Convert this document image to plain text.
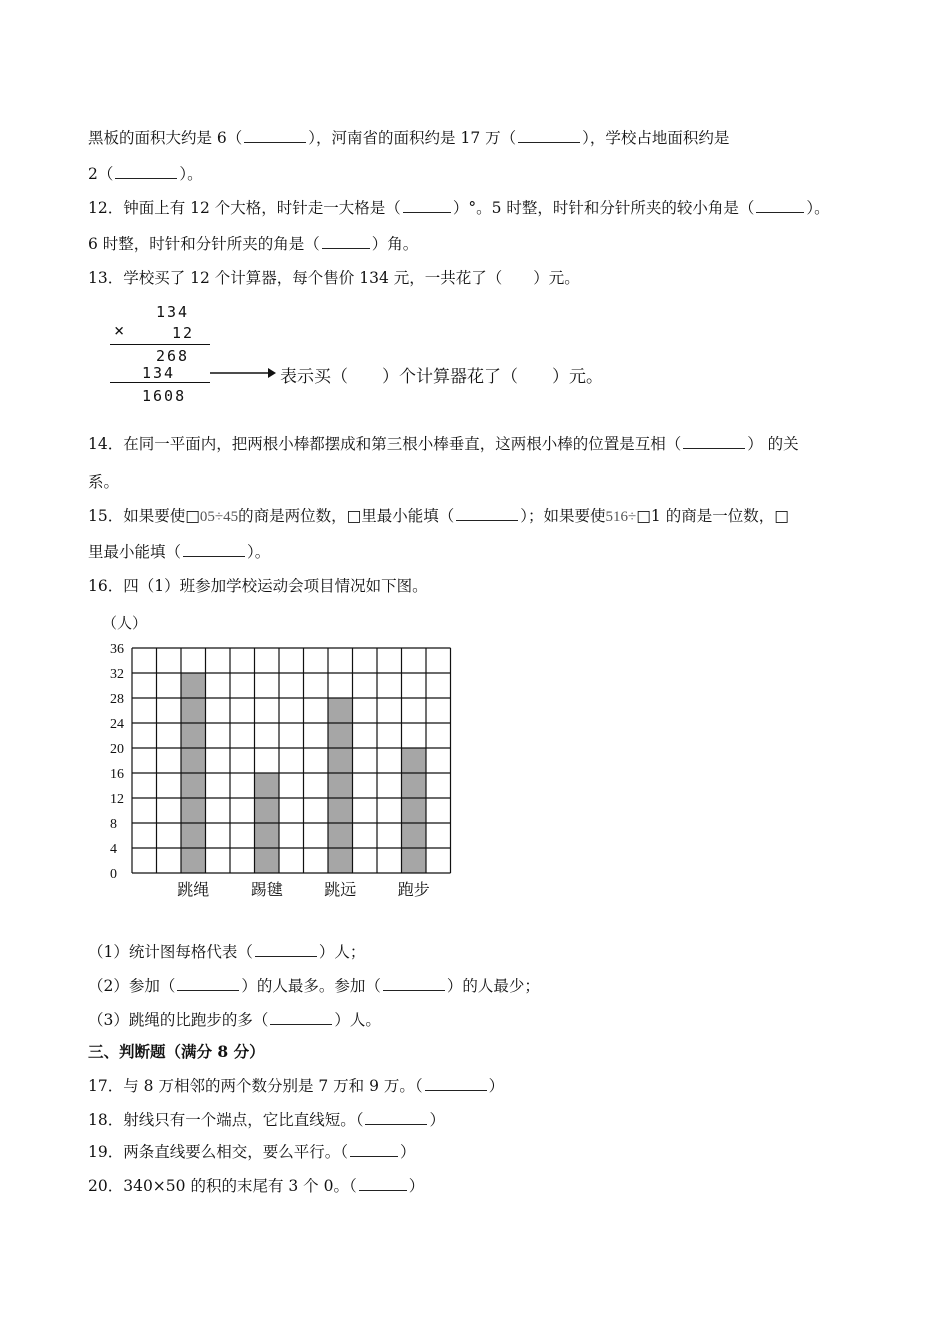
黑板的面积大约是 6（	），河南省的面积约是 17 万（	），学校占地面积约是
2（	）。
12．钟面上有 12 个大格，时针走一大格是（	）°。5 时整，时针和分针所夹的较小角是（	）。
6 时整，时针和分针所夹的角是（	）角。
13．学校买了 12 个计算器，每个售价 134 元，一共花了（　　）元。
134
×	12
268
134
1608
表示买（　　）个计算器花了（　　）元。
14．在同一平面内，把两根小棒都摆成和第三根小棒垂直，这两根小棒的位置是互相（	） 的关
系。
15．如果要使□05÷45的商是两位数，□里最小能填（	）；如果要使516÷□1 的商是一位数，□
里最小能填（	）。
16．四（1）班参加学校运动会项目情况如下图。
（人）
0
4
8
12
16
20
24
28
32
36
跳绳	踢毽	跳远	跑步
（1）统计图每格代表（	）人；
（2）参加（	）的人最多。参加（	）的人最少；
（3）跳绳的比跑步的多（	）人。
三、判断题（满分 8 分）
17．与 8 万相邻的两个数分别是 7 万和 9 万。（	）
18．射线只有一个端点，它比直线短。（	）
19．两条直线要么相交，要么平行。（	）
20．340×50 的积的末尾有 3 个 0。（	）
